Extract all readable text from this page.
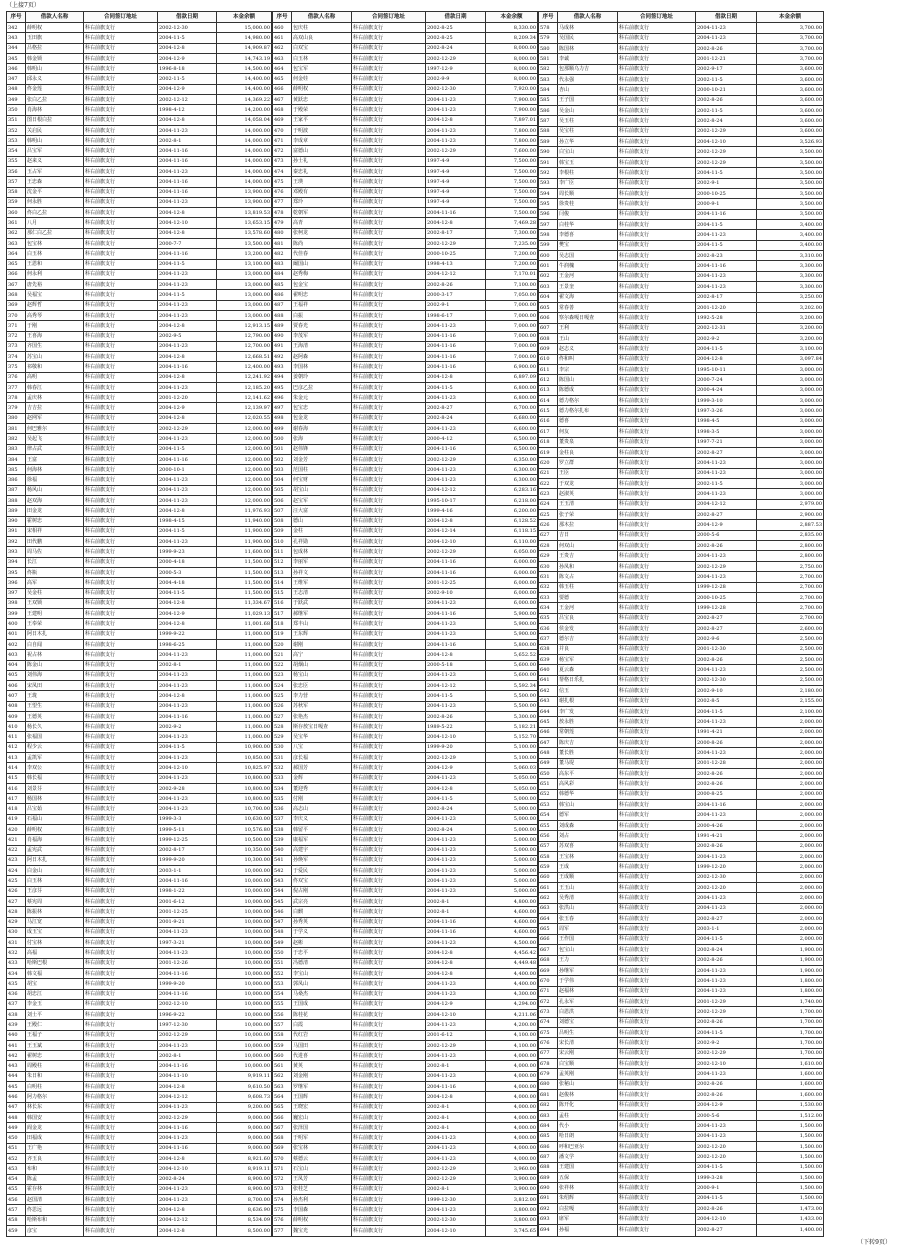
（上接7页）
序号	借款人名称	合同签订地址	借款日期	本金余额
342	薛明权	科右前旗支行	2002-12-30	15,000.00
343	玉田旗	科右前旗支行	2004-11-5	14,980.00
344	吕格拉	科右前旗支行	2004-12-8	14,909.87
345	韩金锁	科右前旗支行	2004-12-9	14,743.19
346	韩明山	科右前旗支行	1996-8-18	14,500.00
347	邱永义	科右前旗支行	2002-11-5	14,400.00
348	佟金莲	科右前旗支行	2004-12-9	14,400.00
349	张白乙拉	科右前旗支行	2002-12-12	14,369.22
350	肖海林	科右前旗支行	1998-4-12	14,200.00
351	图日根白拉	科右前旗支行	2004-12-8	14,058.04
352	关启民	科右前旗支行	2004-11-23	14,000.00
353	韩明山	科右前旗支行	2002-8-1	14,000.00
354	吕宝军	科右前旗支行	2004-11-16	14,000.00
355	赵来义	科右前旗支行	2004-11-16	14,000.00
356	玉占军	科右前旗支行	2004-11-23	14,000.00
357	王忠森	科右前旗支行	2004-11-16	14,000.00
358	沈金平	科右前旗支行	2004-11-16	13,900.00
359	何永胜	科右前旗支行	2004-11-23	13,900.00
360	佟白乙拉	科右前旗支行	2004-12-8	13,819.53
361	八月	科右前旗支行	2004-12-10	13,653.15
362	那仁白乙拉	科右前旗支行	2004-12-8	13,578.60
363	包宝林	科右前旗支行	2000-7-7	13,500.00
364	白玉林	科右前旗支行	2004-11-16	13,200.00
365	王恩和	科右前旗支行	2004-11-5	13,100.00
366	何永利	科右前旗支行	2004-11-23	13,000.00
367	唐先裕	科右前旗支行	2004-11-23	13,000.00
368	吴福宝	科右前旗支行	2004-11-5	13,000.00
369	赵辉哲	科右前旗支行	2004-11-23	13,000.00
370	高秀琴	科右前旗支行	2004-11-23	13,000.00
371	于刚	科右前旗支行	2004-12-8	12,913.15
372	王喜海	科右前旗支行	2002-9-5	12,790.00
373	齐国生	科右前旗支行	2004-11-23	12,700.00
374	苏宝山	科右前旗支行	2004-12-8	12,668.51
375	祁敬和	科右前旗支行	2004-11-16	12,400.00
376	高明	科右前旗支行	2004-12-8	12,241.92
377	韩春江	科右前旗支行	2004-11-23	12,185.20
378	孟庆林	科右前旗支行	2001-12-20	12,141.62
379	吉吉拉	科右前旗支行	2004-12-9	12,139.97
380	赵网军	科右前旗支行	2004-12-8	12,020.55
381	何巴雅尔	科右前旗支行	2002-12-29	12,000.00
382	吴起飞	科右前旗支行	2004-11-23	12,000.00
383	律占武	科右前旗支行	2004-11-5	12,000.00
384	王富	科右前旗支行	2004-11-16	12,000.00
385	何海林	科右前旗支行	2000-10-1	12,000.00
386	徐福	科右前旗支行	2004-11-23	12,000.00
387	杨风山	科右前旗支行	2004-11-23	12,000.00
388	赵双海	科右前旗支行	2004-11-23	12,000.00
389	田金龙	科右前旗支行	2004-12-8	11,976.93
390	霍树忠	科右前旗支行	1998-4-15	11,940.00
391	宋相祥	科右前旗支行	2004-11-5	11,900.00
392	田代鹏	科右前旗支行	2004-11-23	11,900.00
393	周马佐	科右前旗支行	1999-9-23	11,600.00
394	长江	科右前旗支行	2000-4-18	11,500.00
395	佟瓶	科右前旗支行	2000-5-3	11,500.00
396	高军	科右前旗支行	2004-4-18	11,500.00
397	吴金柱	科右前旗支行	2004-11-5	11,500.00
398	王双锁	科右前旗支行	2004-12-8	11,334.67
399	王建明	科右前旗支行	2004-12-9	11,029.13
400	王奉荣	科右前旗支行	2004-12-8	11,001.68
401	阿日木扎	科右前旗支行	1999-9-22	11,000.00
402	白自闻	科右前旗支行	1998-6-25	11,000.00
403	祝占林	科右前旗支行	2004-11-23	11,000.00
404	陈金山	科右前旗支行	2002-8-1	11,000.00
405	刘伟海	科右前旗支行	2004-11-23	11,000.00
406	宋凤田	科右前旗支行	2004-11-23	11,000.00
407	王珑	科右前旗支行	2004-12-8	11,000.00
408	王望生	科右前旗支行	2004-11-23	11,000.00
409	王德英	科右前旗支行	2004-11-16	11,000.00
410	杨长久	科右前旗支行	2002-9-2	11,000.00
411	张福国	科右前旗支行	2004-11-23	11,000.00
412	程少云	科右前旗支行	2004-11-5	10,900.00
413	孟凯军	科右前旗支行	2004-11-23	10,850.00
414	李双公	科右前旗支行	2004-12-10	10,825.97
415	韩长福	科右前旗支行	2004-11-23	10,800.00
416	刘景芬	科右前旗支行	2002-9-28	10,800.00
417	杨国林	科右前旗支行	2004-11-23	10,800.00
418	吕宝茹	科右前旗支行	2004-11-23	10,700.00
419	石福山	科右前旗支行	1999-3-3	10,630.00
420	薛明权	科右前旗支行	1999-5-11	10,576.80
421	肖福海	科右前旗支行	1999-12-25	10,500.00
422	孟宪武	科右前旗支行	2002-8-17	10,350.00
423	阿日木扎	科右前旗支行	1999-9-20	10,300.00
424	白金山	科右前旗支行	2003-1-1	10,000.00
425	白玉林	科右前旗支行	2004-11-16	10,000.00
426	王彦芬	科右前旗支行	1998-1-22	10,000.00
427	蔡宪周	科右前旗支行	2001-6-12	10,000.00
428	陈振林	科右前旗支行	2001-12-25	10,000.00
429	马江宽	科右前旗支行	2001-9-21	10,000.00
430	成玉宝	科右前旗支行	2004-11-23	10,000.00
431	付宝林	科右前旗支行	1997-3-21	10,000.00
432	高福	科右前旗支行	2004-11-23	10,000.00
433	哈斯巴根	科右前旗支行	2001-12-26	10,000.00
434	韩文福	科右前旗支行	2004-11-16	10,000.00
435	胡宝	科右前旗支行	1999-9-20	10,000.00
436	胡忠江	科右前旗支行	2004-11-16	10,000.00
437	李金玉	科右前旗支行	2002-12-10	10,000.00
438	刘士平	科右前旗支行	1996-9-22	10,000.00
439	王殿仁	科右前旗支行	1997-12-30	10,000.00
440	王福子	科右前旗支行	2002-12-29	10,000.00
441	王玉斌	科右前旗支行	2004-11-23	10,000.00
442	翟树忠	科右前旗支行	2002-8-1	10,000.00
443	周殿柱	科右前旗支行	2004-11-16	10,000.00
444	朱日和	科右前旗支行	2004-11-10	9,919.11
445	白明柱	科右前旗支行	2004-12-8	9,610.50
446	阿力格尔	科右前旗支行	2004-12-12	9,608.73
447	林长东	科右前旗支行	2004-11-23	9,200.00
448	韩国安	科右前旗支行	2002-12-29	9,000.00
449	阎金龙	科右前旗支行	2004-11-16	9,000.00
450	田福成	科右前旗支行	2004-11-23	9,000.00
451	王广艳	科右前旗支行	2004-11-16	9,000.00
452	齐玉良	科右前旗支行	2004-12-8	8,921.60
453	布和	科右前旗支行	2004-12-10	8,919.11
454	陈孟	科右前旗支行	2002-8-24	8,900.00
455	霍存林	科右前旗支行	2004-11-23	8,900.00
456	赵国清	科右前旗支行	2004-11-23	8,700.00
457	佟思远	科右前旗支行	2004-12-8	8,636.90
458	哈斯布和	科右前旗支行	2004-12-12	8,534.09
459	彦宝	科右前旗支行	2004-12-8	8,500.00
序号	借款人名称	合同签订地址	借款日期	本金余额
460	包庆柱	科右前旗支行	2002-8-25	8,330.00
461	高双山良	科右前旗支行	2002-8-25	8,209.34
462	白双宝	科右前旗支行	2002-8-24	8,000.00
463	白玉林	科右前旗支行	2002-12-29	8,000.00
464	包宝军	科右前旗支行	1997-12-9	8,000.00
465	何金娃	科右前旗支行	2002-9-9	8,000.00
466	薛明权	科右前旗支行	2002-12-30	7,920.00
467	黄跃忠	科右前旗支行	2004-11-23	7,900.00
468	于殿荣	科右前旗支行	2004-11-23	7,900.00
469	王家平	科右前旗支行	2004-12-8	7,897.01
470	于明波	科右前旗支行	2004-11-23	7,800.00
471	李成章	科右前旗支行	2004-11-23	7,800.00
472	富德山	科右前旗支行	2002-12-29	7,600.00
473	孙士礼	科右前旗支行	1997-4-9	7,500.00
474	秦忠礼	科右前旗支行	1997-4-9	7,500.00
475	王瑛	科右前旗支行	1997-4-9	7,500.00
476	邓殿有	科右前旗支行	1997-4-9	7,500.00
477	郑玲	科右前旗支行	1997-4-9	7,500.00
478	乾朝军	科右前旗支行	2004-11-16	7,500.00
479	高青	科右前旗支行	2004-12-8	7,469.28
480	张柯龙	科右前旗支行	2002-8-17	7,300.00
481	陈尚	科右前旗支行	2002-12-29	7,235.00
482	代佳春	科右前旗支行	2000-10-25	7,200.00
483	阚国山	科右前旗支行	1998-4-13	7,200.00
484	赵秀梅	科右前旗支行	2004-12-12	7,170.01
485	包金宝	科右前旗支行	2002-8-26	7,100.00
486	翟明忠	科右前旗支行	2000-3-17	7,050.00
487	王福祥	科右前旗支行	2002-9-1	7,000.00
488	白振	科右前旗支行	1998-6-17	7,000.00
489	贾春光	科右前旗支行	2004-11-23	7,000.00
490	李茂军	科右前旗支行	2004-11-16	7,000.00
491	王海清	科右前旗支行	2004-11-16	7,000.00
492	赵阿森	科右前旗支行	2004-11-16	7,000.00
493	李国林	科右前旗支行	2004-11-16	6,900.00
494	姜朝玲	科右前旗支行	2004-12-8	6,897.09
495	巴彦乙拉	科右前旗支行	2004-11-5	6,800.00
496	朱金元	科右前旗支行	2004-11-23	6,800.00
497	包宝忠	科右前旗支行	2002-8-27	6,700.00
498	包金龙	科右前旗支行	2002-8-24	6,680.00
499	谢春海	科右前旗支行	2004-11-23	6,600.00
500	张海	科右前旗支行	2000-4-12	6,500.00
501	赵伟锋	科右前旗支行	2004-11-16	6,500.00
502	刘金芳	科右前旗支行	2002-12-29	6,350.00
503	范国柱	科右前旗支行	2004-11-23	6,300.00
504	何宝财	科右前旗支行	2004-11-23	6,300.00
505	胡宝山	科右前旗支行	2004-12-12	6,283.16
506	赵宝军	科右前旗支行	1995-10-17	6,218.00
507	汪大富	科右前旗支行	1999-4-16	6,200.00
508	德山	科右前旗支行	2004-12-8	6,128.52
509	金柱	科右前旗支行	2004-12-14	6,118.15
510	孔祥勋	科右前旗支行	2004-12-10	6,110.00
511	包成林	科右前旗支行	2002-12-29	6,050.00
512	李丽军	科右前旗支行	2004-11-16	6,000.00
513	孙祥文	科右前旗支行	2004-11-16	6,000.00
514	王维军	科右前旗支行	2001-12-25	6,000.00
515	王志清	科右前旗支行	2002-9-10	6,000.00
516	于跃武	科右前旗支行	2004-11-23	6,000.00
517	郝继军	科右前旗支行	2004-11-16	5,900.00
518	郑丰山	科右前旗支行	2004-11-23	5,900.00
519	王东辉	科右前旗支行	2004-11-23	5,900.00
520	谢刚	科右前旗支行	2004-11-16	5,800.00
521	高宁	科右前旗支行	2004-12-8	5,652.52
522	胡烟山	科右前旗支行	2000-5-18	5,600.00
523	杨宝山	科右前旗支行	2004-11-23	5,600.00
524	张忠臣	科右前旗支行	2004-12-12	5,592.34
525	李力营	科右前旗支行	2004-11-5	5,500.00
526	苏秋军	科右前旗支行	2004-11-23	5,500.00
527	张艳杰	科右前旗支行	2002-8-26	5,300.00
528	斯存敖宝日嘎查	科右前旗支行	1989-5-22	5,182.21
529	吴宝华	科右前旗支行	2004-12-10	5,152.70
530	八宝	科右前旗支行	1999-9-20	5,100.00
531	彦长福	科右前旗支行	2002-12-29	5,100.00
532	郝国芳	科右前旗支行	2004-12-9	5,060.03
533	金辉	科右前旗支行	2004-11-23	5,050.00
534	董迎秀	科右前旗支行	2004-12-8	5,050.00
535	付刚	科右前旗支行	2004-11-5	5,000.00
536	高志山	科右前旗支行	2002-8-24	5,000.00
537	李庆义	科右前旗支行	2004-11-23	5,000.00
538	韩留平	科右前旗支行	2002-8-24	5,000.00
539	康福军	科右前旗支行	2004-11-23	5,000.00
540	高建宇	科右前旗支行	2004-11-23	5,000.00
541	孙焕军	科右前旗支行	2004-11-23	5,000.00
542	于爱民	科右前旗支行	2004-11-23	5,000.00
543	佟双宝	科右前旗支行	2004-11-23	5,000.00
544	倪占刚	科右前旗支行	2004-11-23	5,000.00
545	武宗亮	科右前旗支行	2002-8-1	4,800.00
546	白麒	科右前旗支行	2002-8-1	4,600.00
547	孙秀英	科右前旗支行	2004-11-16	4,600.00
548	于学义	科右前旗支行	2004-11-16	4,600.00
549	赵彬	科右前旗支行	2004-11-23	4,500.00
550	于忠平	科右前旗支行	2004-12-8	4,456.42
551	冯德清	科右前旗支行	2004-12-8	4,449.48
552	李宝山	科右前旗支行	2004-12-8	4,400.00
553	郭凤山	科右前旗支行	2004-11-23	4,400.00
554	马桑杰	科右前旗支行	2004-11-23	4,300.00
555	王国成	科右前旗支行	2004-12-9	4,294.00
556	陈桂花	科右前旗支行	2004-12-10	4,211.06
557	白霞	科右前旗支行	2004-11-23	4,200.00
558	代红岩	科右前旗支行	2001-6-12	4,100.00
559	马国田	科右前旗支行	2002-12-29	4,100.00
560	代进喜	科右前旗支行	2004-11-23	4,000.00
561	黄英	科右前旗支行	2002-8-1	4,000.00
562	刘金刚	科右前旗支行	2004-11-23	4,000.00
563	罗继军	科右前旗支行	2004-11-16	4,000.00
564	王国辉	科右前旗支行	2004-12-8	4,000.00
565	王晓宏	科右前旗支行	2002-8-1	4,000.00
566	巍宏山	科右前旗支行	2002-8-1	4,000.00
567	张泽国	科右前旗支行	2002-8-1	4,000.00
568	于明军	科右前旗支行	2004-11-23	4,000.00
569	张宝林	科右前旗支行	2004-11-23	4,000.00
570	蔡德云	科右前旗支行	2004-11-23	4,000.00
571	石宝山	科右前旗支行	2002-12-29	3,960.00
572	王凤芳	科右前旗支行	2002-12-29	3,900.00
573	张桂芝	科右前旗支行	2002-8-1	3,900.00
574	孙杰利	科右前旗支行	1999-12-30	3,812.00
575	李国森	科右前旗支行	2004-11-23	3,800.00
576	薛明权	科右前旗支行	2002-12-30	3,800.00
577	魏宝光	科右前旗支行	2004-12-10	3,745.65
序号	借款人名称	合同签订地址	借款日期	本金余额
578	马成林	科右前旗支行	2004-11-23	3,700.00
579	吴国民	科右前旗支行	2004-11-23	3,700.00
580	陈国林	科右前旗支行	2002-8-26	3,700.00
581	李诚	科右前旗支行	2001-12-21	3,700.00
582	包那顺乌力吉	科右前旗支行	2002-9-17	3,600.00
583	代永强	科右前旗支行	2002-11-5	3,600.00
584	杏山	科右前旗支行	2000-10-21	3,600.00
585	王子国	科右前旗支行	2002-8-26	3,600.00
586	吴金山	科右前旗支行	2002-11-5	3,600.00
587	吴玉柱	科右前旗支行	2002-8-24	3,600.00
588	吴宝柱	科右前旗支行	2002-12-29	3,600.00
589	孙立华	科右前旗支行	2004-12-10	3,526.93
590	白宝山	科右前旗支行	2002-12-29	3,500.00
591	韩宝玉	科右前旗支行	2002-12-29	3,500.00
592	李根柱	科右前旗支行	2004-11-5	3,500.00
593	李广臣	科右前旗支行	2002-9-1	3,500.00
594	周长顺	科右前旗支行	2000-10-25	3,500.00
595	徐贵桂	科右前旗支行	2000-9-1	3,500.00
596	闫俊	科右前旗支行	2004-11-16	3,500.00
597	白桂华	科右前旗支行	2004-11-5	3,400.00
598	李德喜	科右前旗支行	2004-11-23	3,400.00
599	樊宝	科右前旗支行	2004-11-5	3,400.00
600	吴志国	科右前旗支行	2002-8-23	3,310.00
601	牛润槐	科右前旗支行	2004-11-16	3,300.00
602	王金河	科右前旗支行	2004-11-23	3,300.00
603	王景奎	科右前旗支行	2004-11-23	3,300.00
604	翟文海	科右前旗支行	2002-8-17	3,250.00
605	常春善	科右前旗支行	2001-12-20	3,202.00
606	察尔森嘎日嘎查	科右前旗支行	1992-5-28	3,200.00
607	王利	科右前旗支行	2002-12-31	3,200.00
608	王山	科右前旗支行	2002-9-2	3,200.00
609	赵志义	科右前旗支行	2004-11-5	3,100.00
610	佟和叫	科右前旗支行	2004-12-8	3,097.84
611	李宗	科右前旗支行	1995-10-11	3,000.00
612	陈国山	科右前旗支行	2000-7-24	3,000.00
613	陈德成	科右前旗支行	2000-4-24	3,000.00
614	德力格尔	科右前旗支行	1999-3-10	3,000.00
615	德力格尔扎布	科右前旗支行	1997-3-26	3,000.00
616	德喜	科右前旗支行	1998-4-5	3,000.00
617	何友	科右前旗支行	1998-3-5	3,000.00
618	董贵泉	科右前旗支行	1997-7-21	3,000.00
619	金柱良	科右前旗支行	2002-8-27	3,000.00
620	罗立群	科右前旗支行	2004-11-23	3,000.00
621	王臣	科右前旗支行	2004-11-23	3,000.00
622	于双龙	科右前旗支行	2002-11-5	3,000.00
623	赵淑英	科右前旗支行	2004-11-23	3,000.00
624	王玉清	科右前旗支行	2004-12-12	2,979.00
625	张子荣	科右前旗支行	2002-8-27	2,900.00
626	那木拉	科右前旗支行	2004-12-9	2,887.53
627	吉日	科右前旗支行	2000-5-6	2,835.00
628	何双山	科右前旗支行	2002-8-26	2,800.00
629	王贵吉	科右前旗支行	2004-11-23	2,800.00
630	孙凤和	科右前旗支行	2002-12-29	2,750.00
631	陈文占	科右前旗支行	2004-11-23	2,700.00
632	韩玉柱	科右前旗支行	1999-12-28	2,700.00
633	要德	科右前旗支行	2000-10-25	2,700.00
634	王金河	科右前旗支行	1999-12-28	2,700.00
635	吕宝良	科右前旗支行	2002-8-27	2,700.00
636	侯金发	科右前旗支行	2002-8-27	2,600.00
637	德尔吉	科右前旗支行	2002-9-6	2,500.00
638	并良	科右前旗支行	2001-12-30	2,500.00
639	杨宝军	科右前旗支行	2002-8-26	2,500.00
640	夏云森	科右前旗支行	2004-11-23	2,500.00
641	帮格日乐扎	科右前旗支行	2002-12-30	2,500.00
642	信玉	科右前旗支行	2002-9-10	2,180.00
643	谢扎根	科右前旗支行	2002-8-5	2,155.00
644	李广发	科右前旗支行	2004-11-5	2,100.00
645	敖永胜	科右前旗支行	2004-11-23	2,000.00
646	常朝莲	科右前旗支行	1991-4-21	2,000.00
647	陈庆吉	科右前旗支行	2000-8-26	2,000.00
648	董长胜	科右前旗支行	2004-11-23	2,000.00
649	董马堤	科右前旗支行	2001-12-28	2,000.00
650	高东平	科右前旗支行	2002-8-26	2,000.00
651	高风彩	科右前旗支行	2002-8-26	2,000.00
652	韩德华	科右前旗支行	2000-8-25	2,000.00
653	韩宝山	科右前旗支行	2004-11-16	2,000.00
654	德军	科右前旗支行	2004-11-23	2,000.00
655	刘成森	科右前旗支行	2000-4-26	2,000.00
656	刘占	科右前旗支行	1991-4-21	2,000.00
657	苏双喜	科右前旗支行	2002-8-26	2,000.00
658	王宝林	科右前旗支行	2004-11-23	2,000.00
659	王成	科右前旗支行	1999-12-20	2,000.00
660	王成顺	科右前旗支行	2002-12-30	2,000.00
661	王玉山	科右前旗支行	2002-12-20	2,000.00
662	吴秀清	科右前旗支行	2004-11-23	2,000.00
663	张洪山	科右前旗支行	2004-11-23	2,000.00
664	张玉春	科右前旗支行	2002-8-27	2,000.00
665	周军	科右前旗支行	2003-1-1	2,000.00
666	王作国	科右前旗支行	2004-11-5	2,000.00
667	包宝山	科右前旗支行	2002-8-24	1,900.00
668	王力	科右前旗支行	2002-8-26	1,900.00
669	孙继军	科右前旗支行	2004-11-23	1,900.00
670	于学伟	科右前旗支行	2004-11-23	1,800.00
671	赵福林	科右前旗支行	2004-11-23	1,800.00
672	孔永军	科右前旗支行	2001-12-29	1,740.00
673	白恩洪	科右前旗支行	2002-12-29	1,700.00
674	刘德宝	科右前旗支行	2002-8-26	1,700.00
675	吕明生	科右前旗支行	2004-11-5	1,700.00
676	宋长清	科右前旗支行	2002-9-2	1,700.00
677	宋云刚	科右前旗支行	2002-12-29	1,700.00
678	白宝顺	科右前旗支行	2002-12-10	1,610.00
679	孟英刚	科右前旗支行	2004-11-23	1,600.00
680	张秘山	科右前旗支行	2002-8-26	1,600.00
681	赵俊林	科右前旗支行	2002-8-26	1,600.00
682	陈开化	科右前旗支行	2004-12-9	1,530.00
683	孟柱	科右前旗支行	2000-5-6	1,512.00
684	代小	科右前旗支行	2004-11-23	1,500.00
685	哈日朗	科右前旗支行	2004-11-23	1,500.00
686	呼和巴亚尔	科右前旗支行	2002-12-20	1,500.00
687	潘文学	科右前旗支行	2002-12-20	1,500.00
688	王建国	科右前旗支行	2004-11-5	1,500.00
689	五保	科右前旗支行	1999-3-28	1,500.00
690	张祥林	科右前旗支行	2000-9-1	1,500.00
691	朱绍辉	科右前旗支行	2004-11-5	1,500.00
692	白拉嘎	科右前旗支行	2002-8-26	1,473.00
693	席军	科右前旗支行	2004-12-10	1,433.00
694	孙福	科右前旗支行	2002-8-27	1,400.00
（下转9页）
